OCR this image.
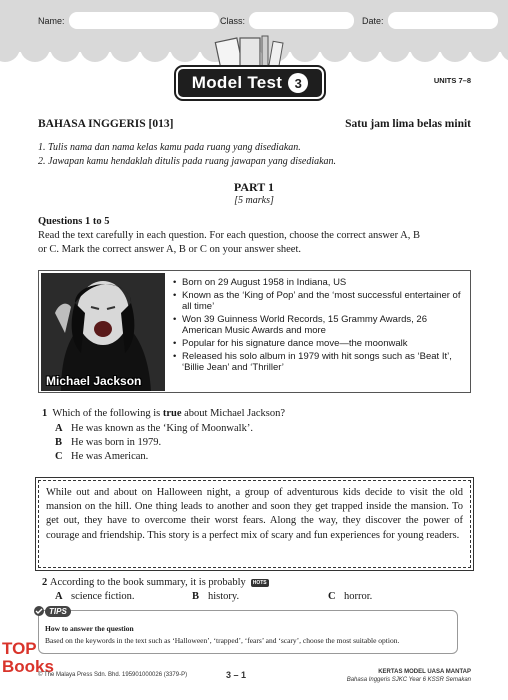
Name:	Class:	Date:
Model Test 3	UNITS 7–8
BAHASA INGGERIS [013]	Satu jam lima belas minit
1. Tulis nama dan nama kelas kamu pada ruang yang disediakan.
2. Jawapan kamu hendaklah ditulis pada ruang jawapan yang disediakan.
PART 1
[5 marks]
Questions 1 to 5
Read the text carefully in each question. For each question, choose the correct answer A, B
or C. Mark the correct answer A, B or C on your answer sheet.
Michael Jackson
• Born on 29 August 1958 in Indiana, US
• Known as the ‘King of Pop’ and the ‘most successful entertainer of all time’
• Won 39 Guinness World Records, 15 Grammy Awards, 26 American Music Awards and more
• Popular for his signature dance move—the moonwalk
• Released his solo album in 1979 with hit songs such as ‘Beat It’, ‘Billie Jean’ and ‘Thriller’
1 Which of the following is true about Michael Jackson?
A He was known as the ‘King of Moonwalk’.
B He was born in 1979.
C He was American.
While out and about on Halloween night, a group of adventurous kids decide to visit the old mansion on the hill. One thing leads to another and soon they get trapped inside the mansion. To get out, they have to overcome their worst fears. Along the way, they discover the power of courage and friendship. This story is a perfect mix of scary and fun experiences for young readers.
2
According to the book summary, it is probably	HOTS
A science fiction.	B history.	C horror.
How to answer the question
Based on the keywords in the text such as ‘Halloween’, ‘trapped’, ‘fears’ and ‘scary’, choose the most suitable option.
TIPS
TOP
Books
© The Malaya Press Sdn. Bhd. 195901000026 (3379-P)	3 – 1	KERTAS MODEL UASA MANTAP
Bahasa Inggeris SJKC Year 6 KSSR Semakan
